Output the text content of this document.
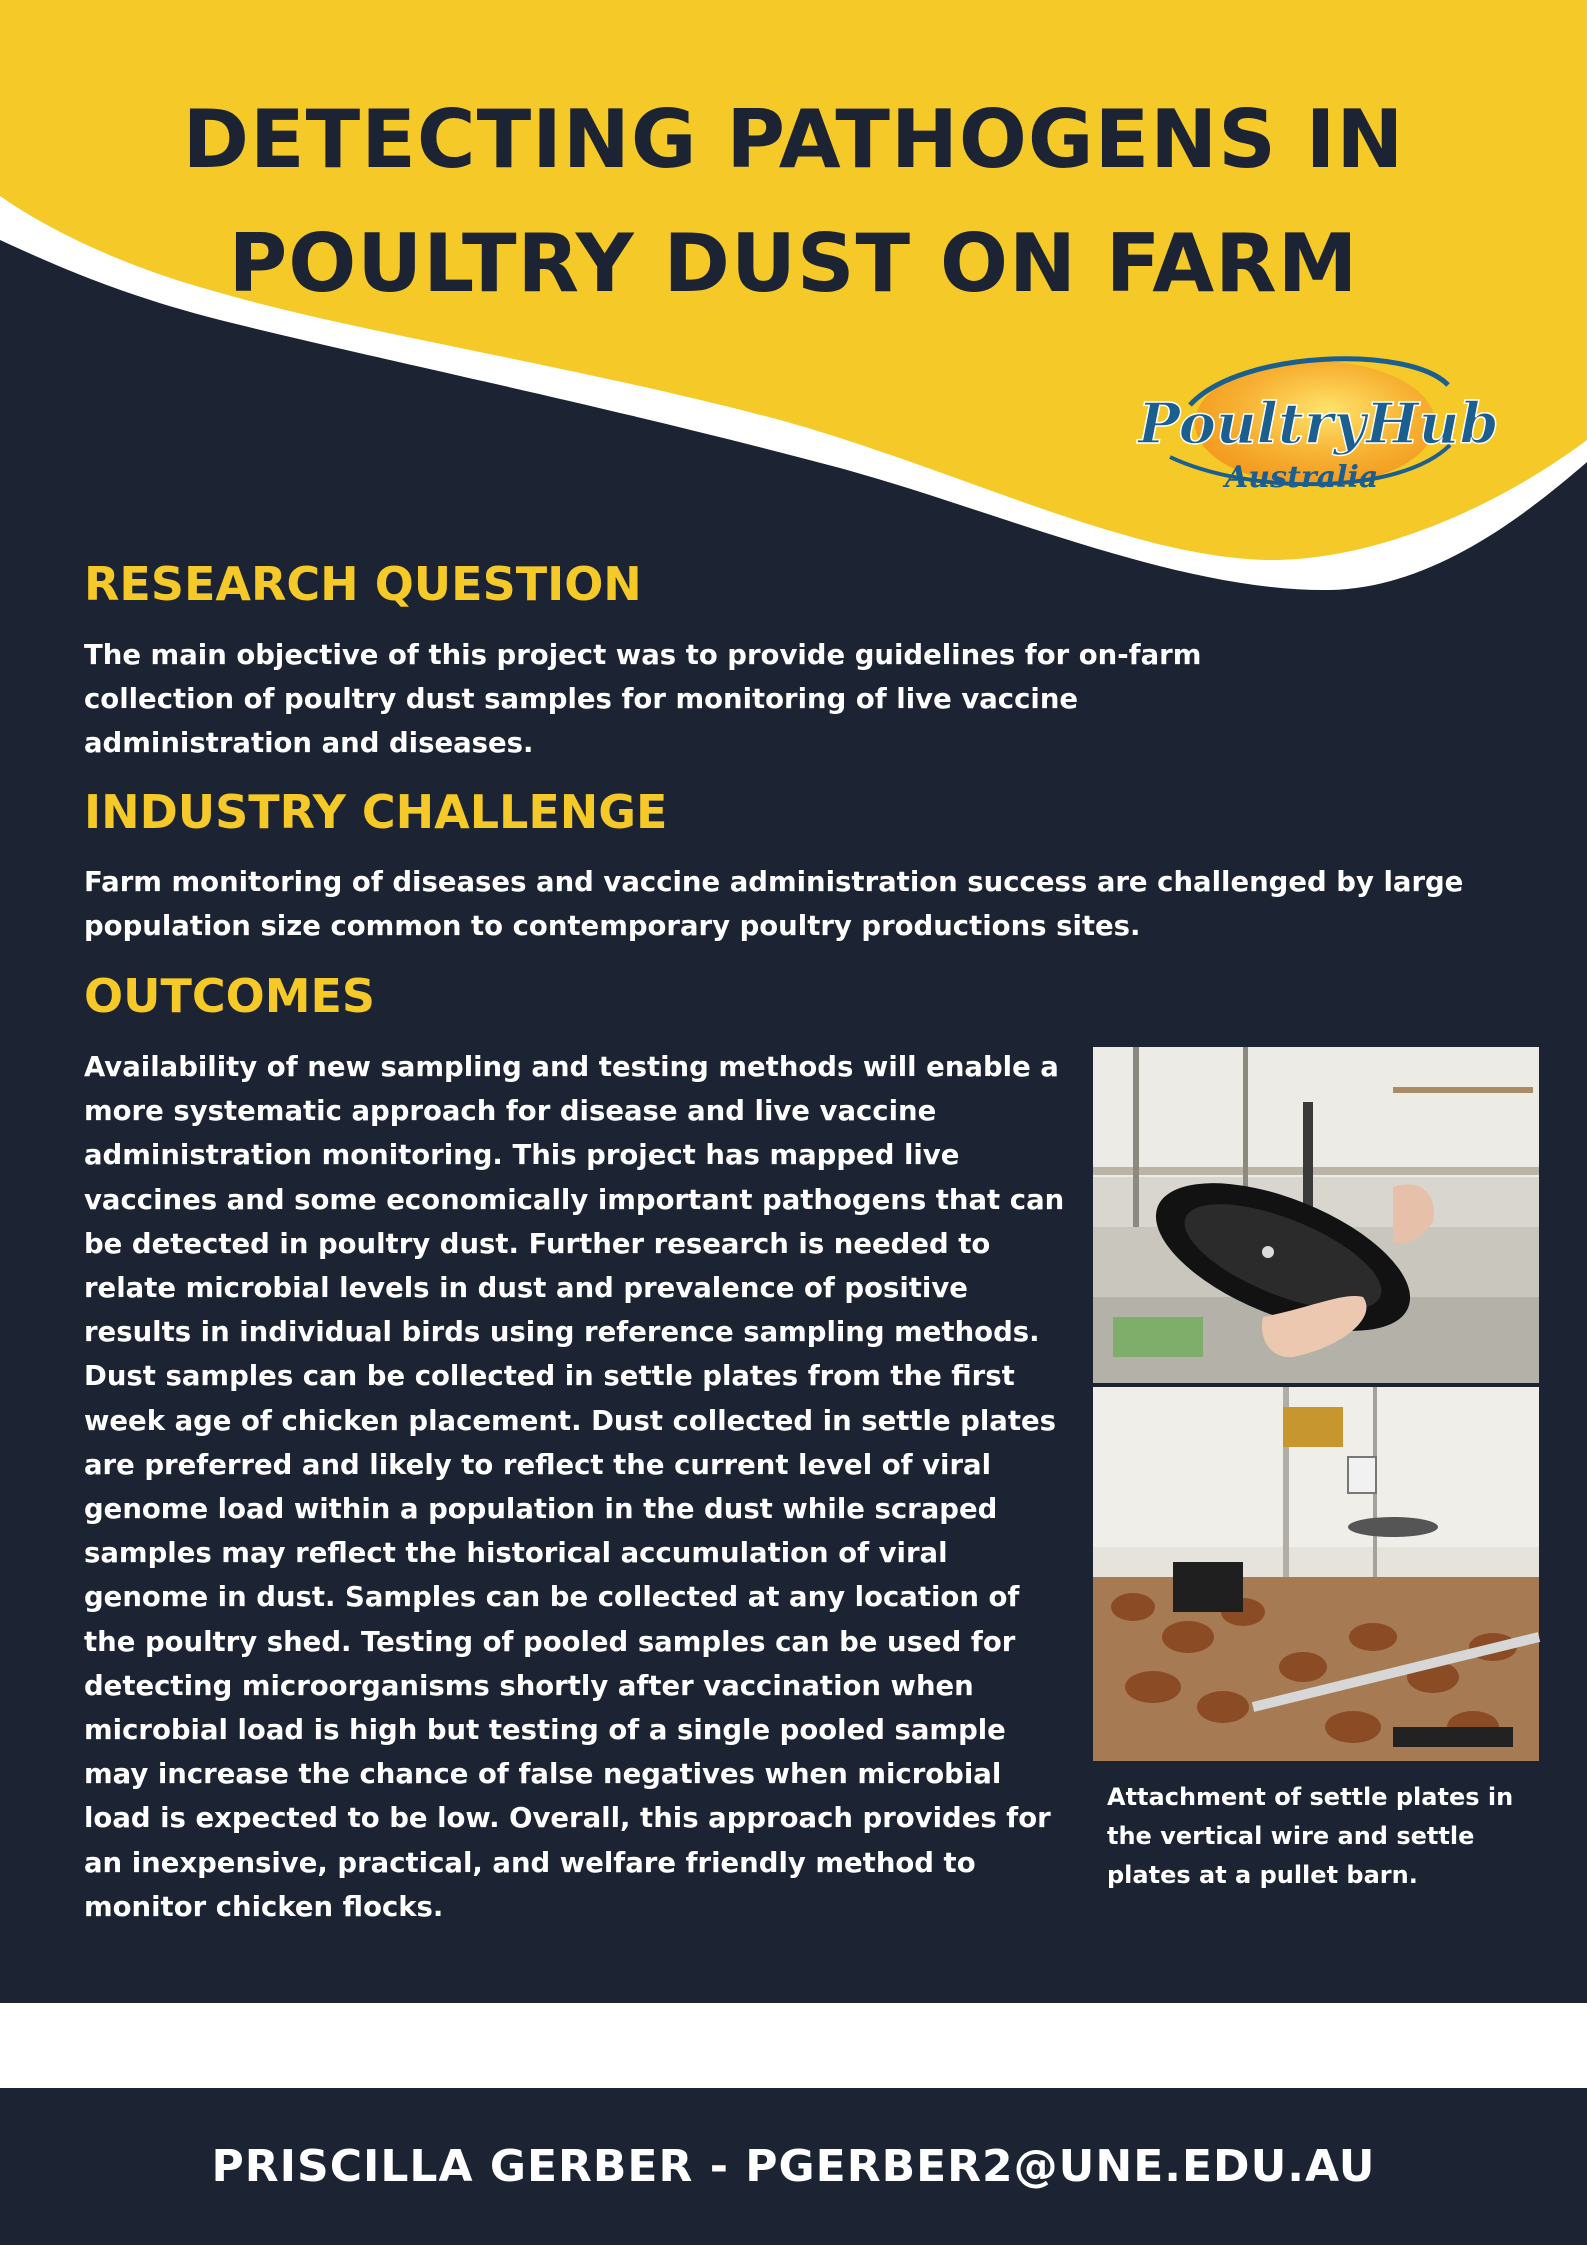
DETECTING PATHOGENS IN
POULTRY DUST ON FARM
PoultryHub
Australia
RESEARCH QUESTION

The main objective of this project was to provide guidelines for on-farm collection of poultry dust samples for monitoring of live vaccine administration and diseases.

INDUSTRY CHALLENGE

Farm monitoring of diseases and vaccine administration success are challenged by large population size common to contemporary poultry productions sites.

OUTCOMES

Availability of new sampling and testing methods will enable a more systematic approach for disease and live vaccine administration monitoring. This project has mapped live vaccines and some economically important pathogens that can be detected in poultry dust. Further research is needed to relate microbial levels in dust and prevalence of positive results in individual birds using reference sampling methods. Dust samples can be collected in settle plates from the first week age of chicken placement. Dust collected in settle plates are preferred and likely to reflect the current level of viral genome load within a population in the dust while scraped samples may reflect the historical accumulation of viral genome in dust. Samples can be collected at any location of the poultry shed. Testing of pooled samples can be used for detecting microorganisms shortly after vaccination when microbial load is high but testing of a single pooled sample may increase the chance of false negatives when microbial load is expected to be low. Overall, this approach provides for an inexpensive, practical, and welfare friendly method to monitor chicken flocks.

Attachment of settle plates in the vertical wire and settle plates at a pullet barn.

PRISCILLA GERBER - PGERBER2@UNE.EDU.AU
